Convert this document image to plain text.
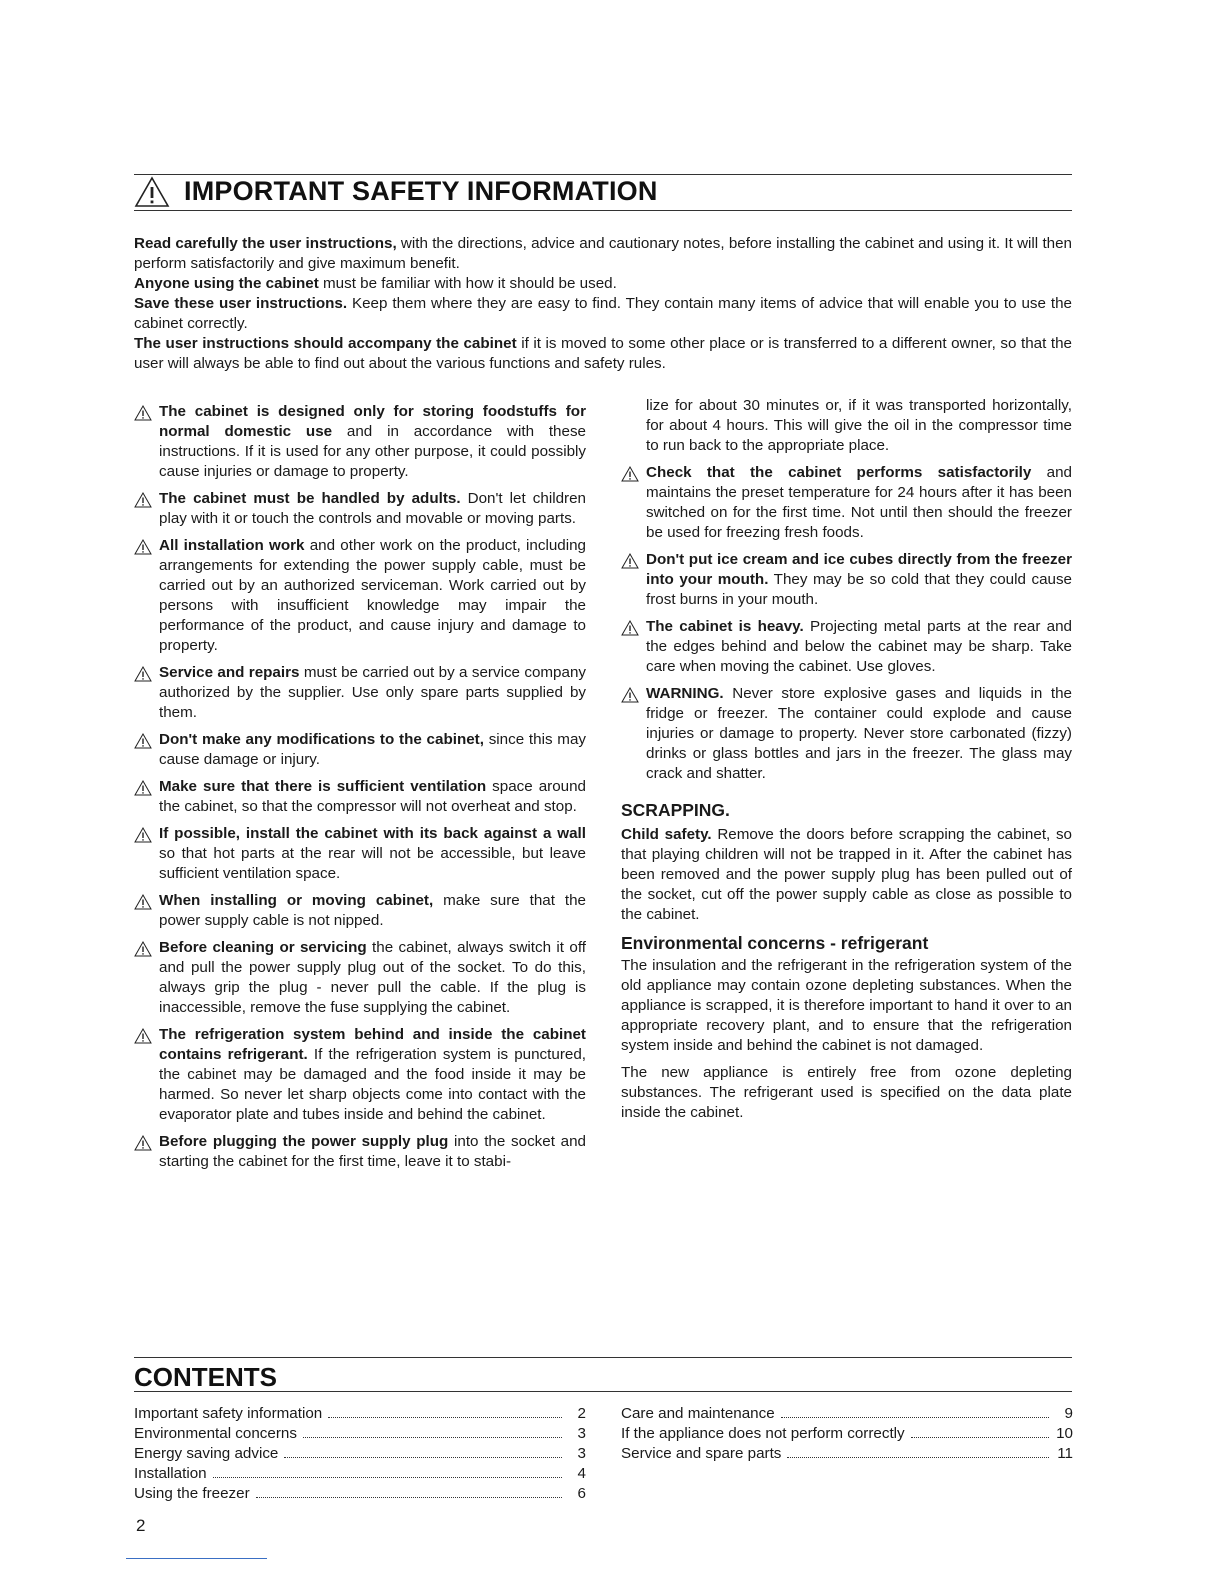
IMPORTANT SAFETY INFORMATION

Read carefully the user instructions, with the directions, advice and cautionary notes, before installing the cabinet and using it. It will then perform satisfactorily and give maximum benefit.

Anyone using the cabinet must be familiar with how it should be used.

Save these user instructions. Keep them where they are easy to find. They contain many items of advice that will enable you to use the cabinet correctly.

The user instructions should accompany the cabinet if it is moved to some other place or is transferred to a different owner, so that the user will always be able to find out about the various functions and safety rules.

The cabinet is designed only for storing foodstuffs for normal domestic use and in accordance with these instructions. If it is used for any other purpose, it could possibly cause injuries or damage to property.
The cabinet must be handled by adults. Don't let children play with it or touch the controls and movable or moving parts.
All installation work and other work on the product, including arrangements for extending the power supply cable, must be carried out by an authorized serviceman. Work carried out by persons with insufficient knowledge may impair the performance of the product, and cause injury and damage to property.
Service and repairs must be carried out by a service company authorized by the supplier. Use only spare parts supplied by them.
Don't make any modifications to the cabinet, since this may cause damage or injury.
Make sure that there is sufficient ventilation space around the cabinet, so that the compressor will not overheat and stop.
If possible, install the cabinet with its back against a wall so that hot parts at the rear will not be accessible, but leave sufficient ventilation space.
When installing or moving cabinet, make sure that the power supply cable is not nipped.
Before cleaning or servicing the cabinet, always switch it off and pull the power supply plug out of the socket. To do this, always grip the plug - never pull the cable. If the plug is inaccessible, remove the fuse supplying the cabinet.
The refrigeration system behind and inside the cabinet contains refrigerant. If the refrigeration system is punctured, the cabinet may be damaged and the food inside it may be harmed. So never let sharp objects come into contact with the evaporator plate and tubes inside and behind the cabinet.
Before plugging the power supply plug into the socket and starting the cabinet for the first time, leave it to stabi-
lize for about 30 minutes or, if it was transported horizontally, for about 4 hours. This will give the oil in the compressor time to run back to the appropriate place.
Check that the cabinet performs satisfactorily and maintains the preset temperature for 24 hours after it has been switched on for the first time. Not until then should the freezer be used for freezing fresh foods.
Don't put ice cream and ice cubes directly from the freezer into your mouth. They may be so cold that they could cause frost burns in your mouth.
The cabinet is heavy. Projecting metal parts at the rear and the edges behind and below the cabinet may be sharp. Take care when moving the cabinet. Use gloves.
WARNING. Never store explosive gases and liquids in the fridge or freezer. The container could explode and cause injuries or damage to property. Never store carbonated (fizzy) drinks or glass bottles and jars in the freezer. The glass may crack and shatter.
SCRAPPING.
Child safety. Remove the doors before scrapping the cabinet, so that playing children will not be trapped in it. After the cabinet has been removed and the power supply plug has been pulled out of the socket, cut off the power supply cable as close as possible to the cabinet.
Environmental concerns - refrigerant
The insulation and the refrigerant in the refrigeration system of the old appliance may contain ozone depleting substances. When the appliance is scrapped, it is therefore important to hand it over to an appropriate recovery plant, and to ensure that the refrigeration system inside and behind the cabinet is not damaged.
The new appliance is entirely free from ozone depleting substances. The refrigerant used is specified on the data plate inside the cabinet.
CONTENTS
Important safety information	2
Environmental concerns	3
Energy saving advice	3
Installation	4
Using the freezer	6
Care and maintenance	9
If the appliance does not perform correctly	10
Service and spare parts	11
2
